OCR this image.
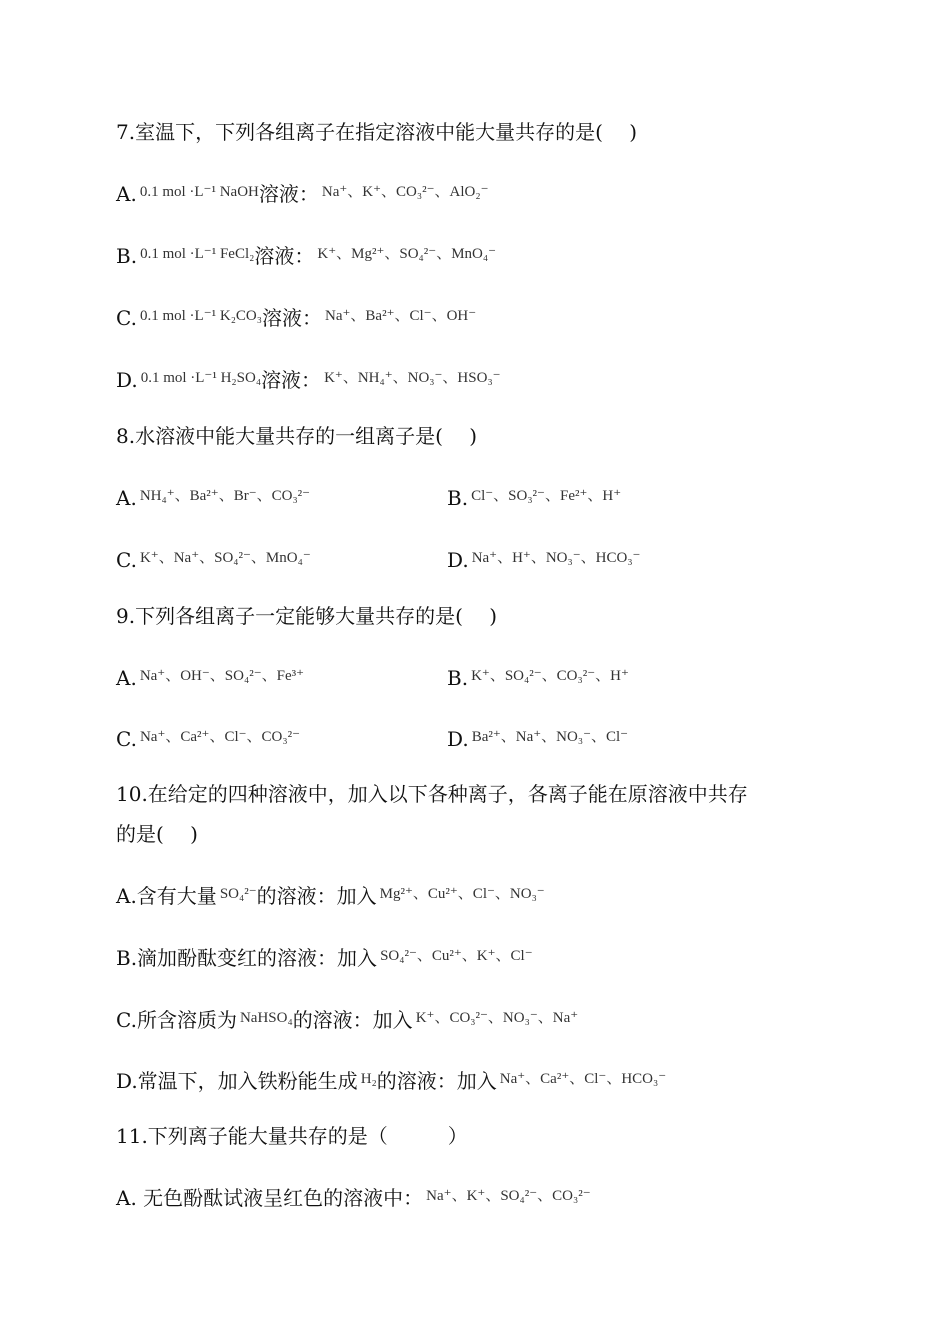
7.室温下，下列各组离子在指定溶液中能大量共存的是(　 )
A. $^{0.1 mol \cdot L^{-1} NaOH}$溶液： $^{Na^+、K^+、CO_3^{2-}、AlO_2^-}$
B. $^{0.1 mol \cdot L^{-1} FeCl_2}$溶液： $^{K^+、Mg^{2+}、SO_4^{2-}、MnO_4^-}$
C. $^{0.1 mol \cdot L^{-1} K_2CO_3}$溶液： $^{Na^+、Ba^{2+}、Cl^-、OH^-}$
D. $^{0.1 mol \cdot L^{-1} H_2SO_4}$溶液： $^{K^+、NH_4^+、NO_3^-、HSO_3^-}$
8.水溶液中能大量共存的一组离子是(　 )
A. $^{NH_4^+、Ba^{2+}、Br^-、CO_3^{2-}}$	B. $^{Cl^-、SO_3^{2-}、Fe^{2+}、H^+}$
C. $^{K^+、Na^+、SO_4^{2-}、MnO_4^-}$	D. $^{Na^+、H^+、NO_3^-、HCO_3^-}$
9.下列各组离子一定能够大量共存的是(　 )
A. $^{Na^+、OH^-、SO_4^{2-}、Fe^{3+}}$	B. $^{K^+、SO_4^{2-}、CO_3^{2-}、H^+}$
C. $^{Na^+、Ca^{2+}、Cl^-、CO_3^{2-}}$	D. $^{Ba^{2+}、Na^+、NO_3^-、Cl^-}$
10.在给定的四种溶液中，加入以下各种离子，各离子能在原溶液中共存
的是(　 )
A.含有大量 $^{SO_4^{2-}}$的溶液：加入 $^{Mg^{2+}、Cu^{2+}、Cl^-、NO_3^-}$
B.滴加酚酞变红的溶液：加入 $^{SO_4^{2-}、Cu^{2+}、K^+、Cl^-}$
C.所含溶质为 $^{NaHSO_4}$的溶液：加入 $^{K^+、CO_3^{2-}、NO_3^-、Na^+}$
D.常温下，加入铁粉能生成 $^{H_2}$的溶液：加入 $^{Na^+、Ca^{2+}、Cl^-、HCO_3^-}$
11.下列离子能大量共存的是（　　　）
A. 无色酚酞试液呈红色的溶液中： $^{Na^+、K^+、SO_4^{2-}、CO_3^{2-}}$
